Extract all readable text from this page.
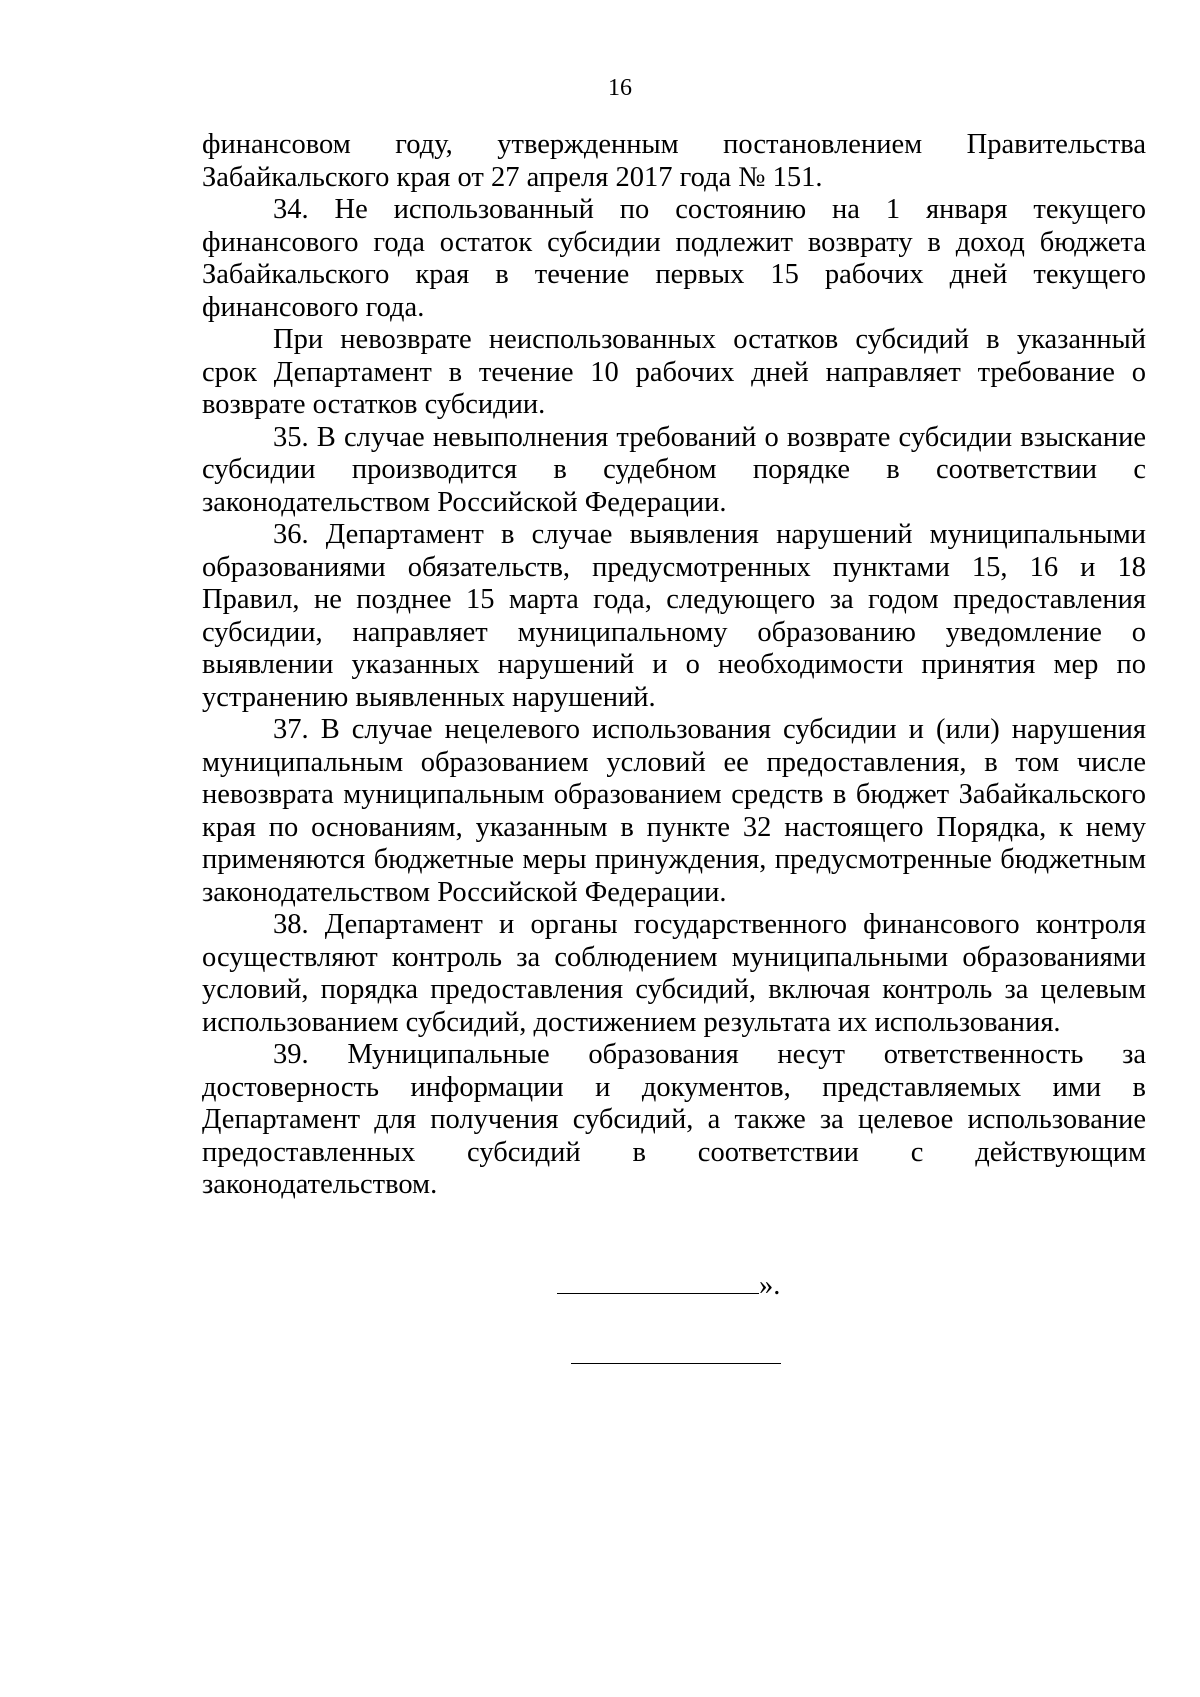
16

финансовом году, утвержденным постановлением Правительства Забайкальского края от 27 апреля 2017 года № 151.

34. Не использованный по состоянию на 1 января текущего финансового года остаток субсидии подлежит возврату в доход бюджета Забайкальского края в течение первых 15 рабочих дней текущего финансового года.

При невозврате неиспользованных остатков субсидий в указанный срок Департамент в течение 10 рабочих дней направляет требование о возврате остатков субсидии.

35. В случае невыполнения требований о возврате субсидии взыскание субсидии производится в судебном порядке в соответствии с законодательством Российской Федерации.

36. Департамент в случае выявления нарушений муниципальными образованиями обязательств, предусмотренных пунктами 15, 16 и 18 Правил, не позднее 15 марта года, следующего за годом предоставления субсидии, направляет муниципальному образованию уведомление о выявлении указанных нарушений и о необходимости принятия мер по устранению выявленных нарушений.

37. В случае нецелевого использования субсидии и (или) нарушения муниципальным образованием условий ее предоставления, в том числе невозврата муниципальным образованием средств в бюджет Забайкальского края по основаниям, указанным в пункте 32 настоящего Порядка, к нему применяются бюджетные меры принуждения, предусмотренные бюджетным законодательством Российской Федерации.

38. Департамент и органы государственного финансового контроля осуществляют контроль за соблюдением муниципальными образованиями условий, порядка предоставления субсидий, включая контроль за целевым использованием субсидий, достижением результата их использования.

39. Муниципальные образования несут ответственность за достоверность информации и документов, представляемых ими в Департамент для получения субсидий, а также за целевое использование предоставленных субсидий в соответствии с действующим законодательством.

».
